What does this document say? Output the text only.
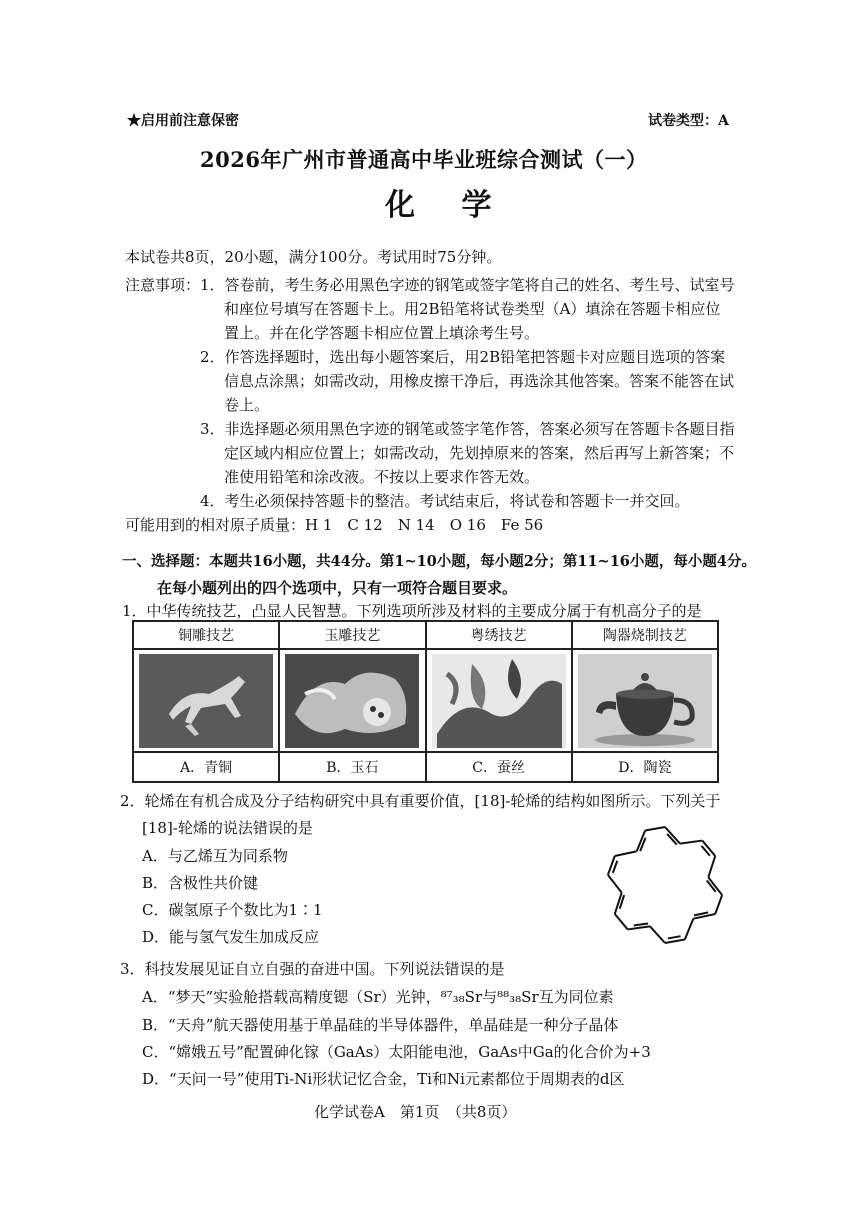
★启用前注意保密	试卷类型：A
2026年广州市普通高中毕业班综合测试（一）
化 学
本试卷共8页，20小题，满分100分。考试用时75分钟。
注意事项： 1．答卷前，考生务必用黑色字迹的钢笔或签字笔将自己的姓名、考生号、试室号
和座位号填写在答题卡上。用2B铅笔将试卷类型（A）填涂在答题卡相应位
置上。并在化学答题卡相应位置上填涂考生号。
2．作答选择题时，选出每小题答案后，用2B铅笔把答题卡对应题目选项的答案
信息点涂黑；如需改动，用橡皮擦干净后，再选涂其他答案。答案不能答在试
卷上。
3．非选择题必须用黑色字迹的钢笔或签字笔作答，答案必须写在答题卡各题目指
定区域内相应位置上；如需改动，先划掉原来的答案，然后再写上新答案；不
准使用铅笔和涂改液。不按以上要求作答无效。
4．考生必须保持答题卡的整洁。考试结束后，将试卷和答题卡一并交回。
可能用到的相对原子质量：H 1　C 12　N 14　O 16　Fe 56
一、选择题：本题共16小题，共44分。第1~10小题，每小题2分；第11~16小题，每小题4分。
在每小题列出的四个选项中，只有一项符合题目要求。
1．中华传统技艺，凸显人民智慧。下列选项所涉及材料的主要成分属于有机高分子的是
铜雕技艺	玉雕技艺	粤绣技艺	陶器烧制技艺

A．青铜	B．玉石	C．蚕丝	D．陶瓷
2．轮烯在有机合成及分子结构研究中具有重要价值，[18]-轮烯的结构如图所示。下列关于
[18]-轮烯的说法错误的是
A．与乙烯互为同系物
B．含极性共价键
C．碳氢原子个数比为1∶1
D．能与氢气发生加成反应
3．科技发展见证自立自强的奋进中国。下列说法错误的是
A．“梦天”实验舱搭载高精度锶（Sr）光钟，⁸⁷₃₈Sr与⁸⁸₃₈Sr互为同位素
B．“天舟”航天器使用基于单晶硅的半导体器件，单晶硅是一种分子晶体
C．“嫦娥五号”配置砷化镓（GaAs）太阳能电池，GaAs中Ga的化合价为+3
D．“天问一号”使用Ti-Ni形状记忆合金，Ti和Ni元素都位于周期表的d区
化学试卷A　第1页　（共8页）
